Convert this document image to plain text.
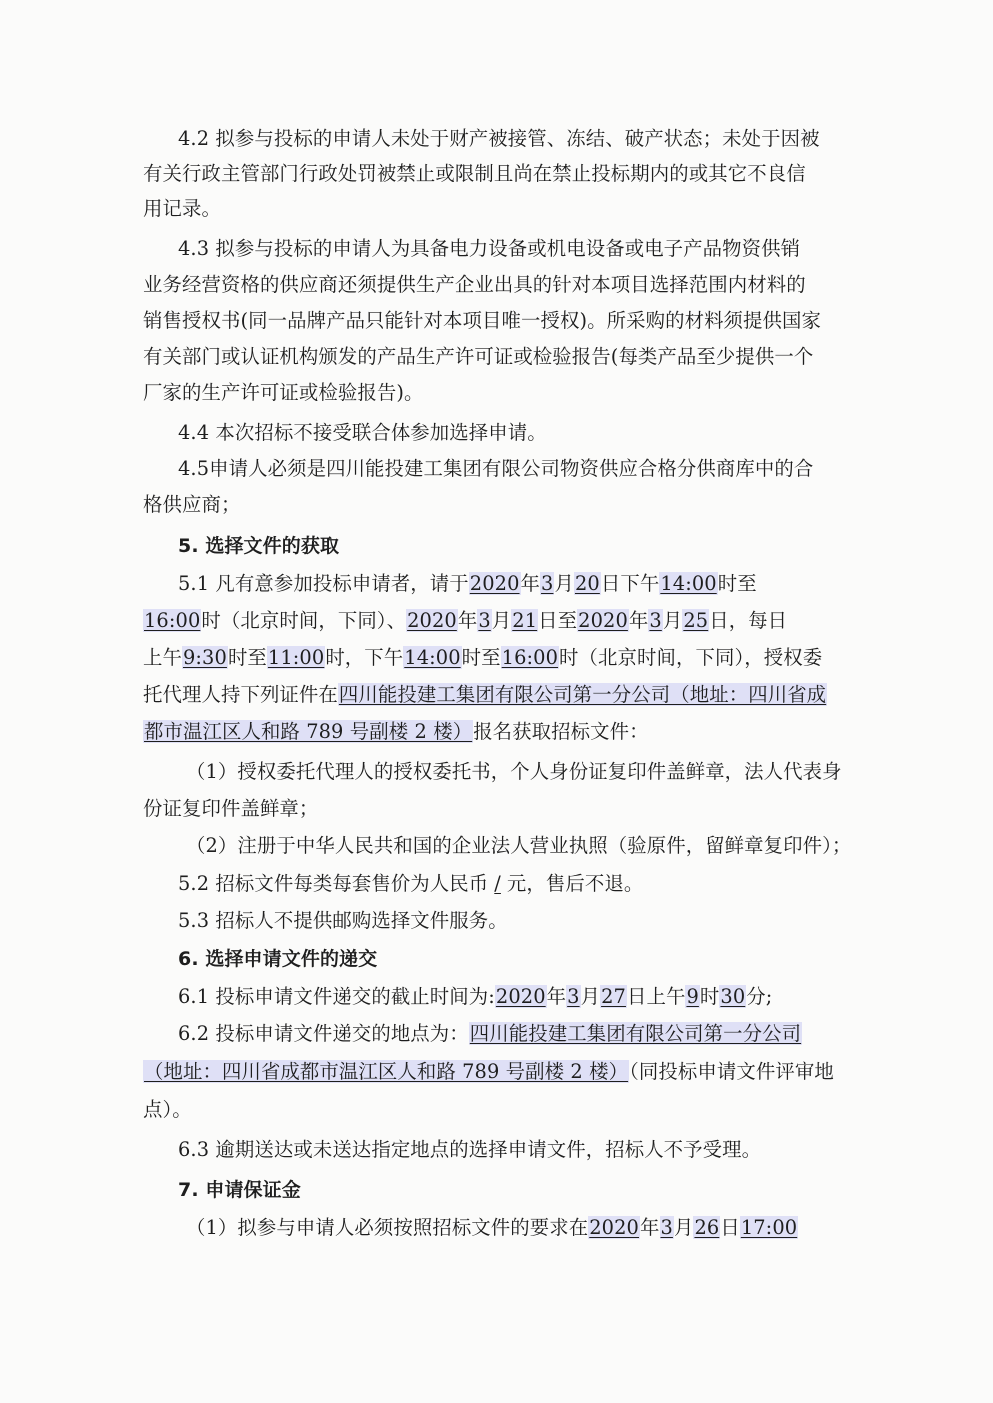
4.2 拟参与投标的申请人未处于财产被接管、冻结、破产状态；未处于因被
有关行政主管部门行政处罚被禁止或限制且尚在禁止投标期内的或其它不良信
用记录。
4.3 拟参与投标的申请人为具备电力设备或机电设备或电子产品物资供销
业务经营资格的供应商还须提供生产企业出具的针对本项目选择范围内材料的
销售授权书(同一品牌产品只能针对本项目唯一授权)。所采购的材料须提供国家
有关部门或认证机构颁发的产品生产许可证或检验报告(每类产品至少提供一个
厂家的生产许可证或检验报告)。
4.4 本次招标不接受联合体参加选择申请。
4.5申请人必须是四川能投建工集团有限公司物资供应合格分供商库中的合
格供应商；
5. 选择文件的获取
5.1 凡有意参加投标申请者，请于2020年3月20日下午14:00时至
16:00时（北京时间，下同）、2020年3月21日至2020年3月25日，每日
上午9:30时至11:00时，下午14:00时至16:00时（北京时间，下同），授权委
托代理人持下列证件在四川能投建工集团有限公司第一分公司（地址：四川省成
都市温江区人和路 789 号副楼 2 楼）报名获取招标文件：
（1）授权委托代理人的授权委托书，个人身份证复印件盖鲜章，法人代表身
份证复印件盖鲜章；
（2）注册于中华人民共和国的企业法人营业执照（验原件，留鲜章复印件）；
5.2 招标文件每类每套售价为人民币 / 元，售后不退。
5.3 招标人不提供邮购选择文件服务。
6. 选择申请文件的递交
6.1 投标申请文件递交的截止时间为:2020年3月27日上午9时30分;
6.2 投标申请文件递交的地点为：四川能投建工集团有限公司第一分公司
（地址：四川省成都市温江区人和路 789 号副楼 2 楼）（同投标申请文件评审地
点）。
6.3 逾期送达或未送达指定地点的选择申请文件，招标人不予受理。
7. 申请保证金
（1）拟参与申请人必须按照招标文件的要求在2020年3月26日17:00
